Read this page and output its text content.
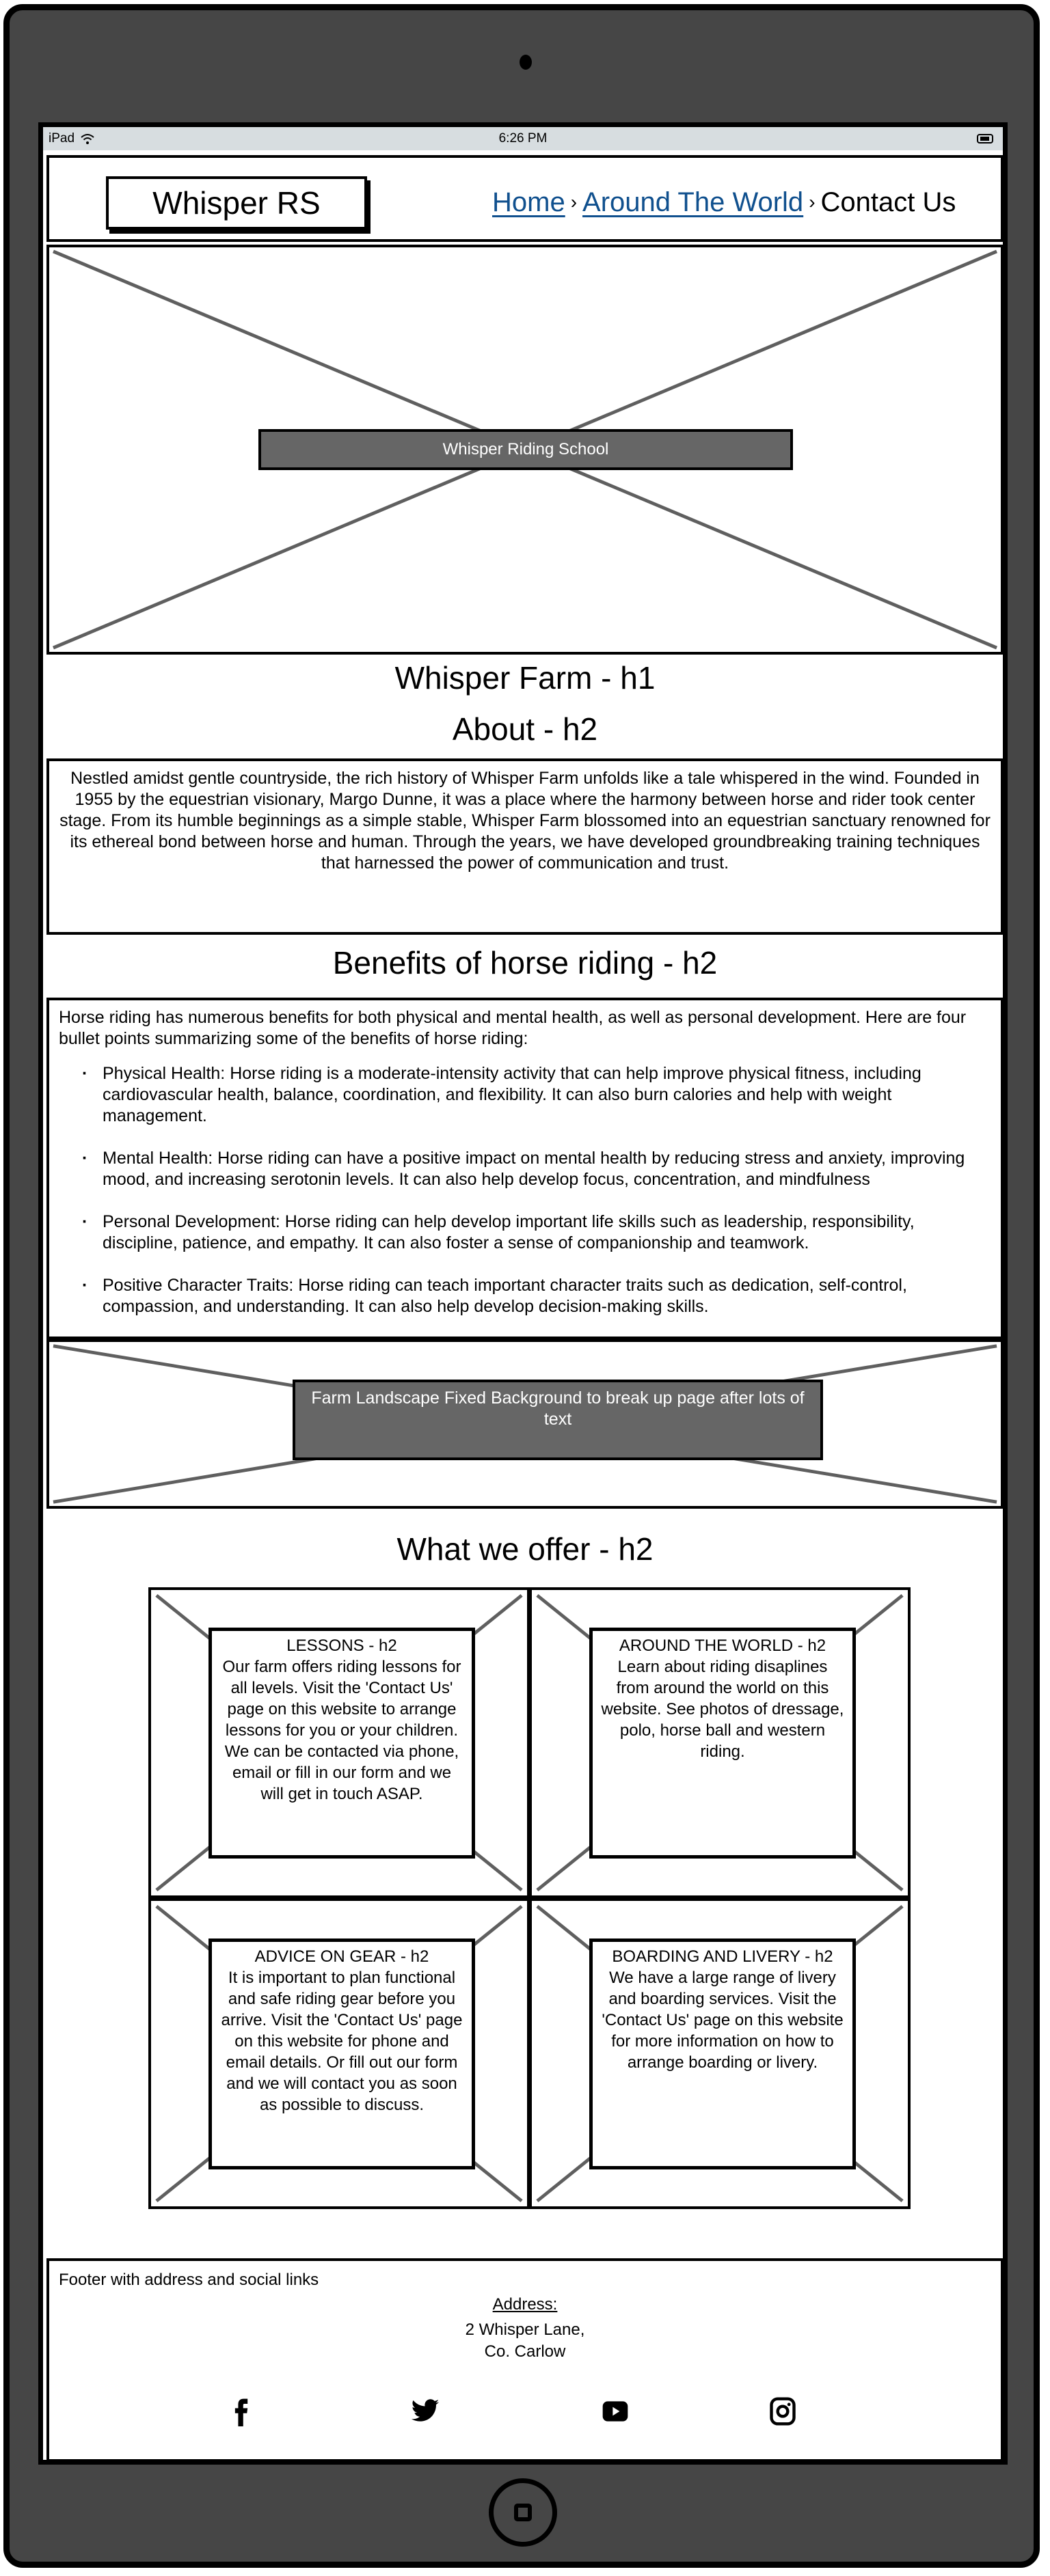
iPad	6:26 PM
Whisper RS	Home › Around The World › Contact Us
Whisper Riding School
Whisper Farm - h1
About - h2
Nestled amidst gentle countryside, the rich history of Whisper Farm unfolds like a tale whispered in the wind. Founded in 1955 by the equestrian visionary, Margo Dunne, it was a place where the harmony between horse and rider took center stage. From its humble beginnings as a simple stable, Whisper Farm blossomed into an equestrian sanctuary renowned for its ethereal bond between horse and human. Through the years, we have developed groundbreaking training techniques that harnessed the power of communication and trust.
Benefits of horse riding - h2

Horse riding has numerous benefits for both physical and mental health, as well as personal development. Here are four bullet points summarizing some of the benefits of horse riding:

· Physical Health: Horse riding is a moderate-intensity activity that can help improve physical fitness, including cardiovascular health, balance, coordination, and flexibility. It can also burn calories and help with weight management.
· Mental Health: Horse riding can have a positive impact on mental health by reducing stress and anxiety, improving mood, and increasing serotonin levels. It can also help develop focus, concentration, and mindfulness
· Personal Development: Horse riding can help develop important life skills such as leadership, responsibility, discipline, patience, and empathy. It can also foster a sense of companionship and teamwork.
· Positive Character Traits: Horse riding can teach important character traits such as dedication, self-control, compassion, and understanding. It can also help develop decision-making skills.
Farm Landscape Fixed Background to break up page after lots of text
What we offer - h2
LESSONS - h2
Our farm offers riding lessons for all levels. Visit the 'Contact Us' page on this website to arrange lessons for you or your children. We can be contacted via phone, email or fill in our form and we will get in touch ASAP.
AROUND THE WORLD - h2
Learn about riding disaplines from around the world on this website. See photos of dressage, polo, horse ball and western riding.
ADVICE ON GEAR - h2
It is important to plan functional and safe riding gear before you arrive. Visit the 'Contact Us' page on this website for phone and email details. Or fill out our form and we will contact you as soon as possible to discuss.
BOARDING AND LIVERY - h2
We have a large range of livery and boarding services. Visit the 'Contact Us' page on this website for more information on how to arrange boarding or livery.
Footer with address and social links
Address:
2 Whisper Lane,
Co. Carlow
